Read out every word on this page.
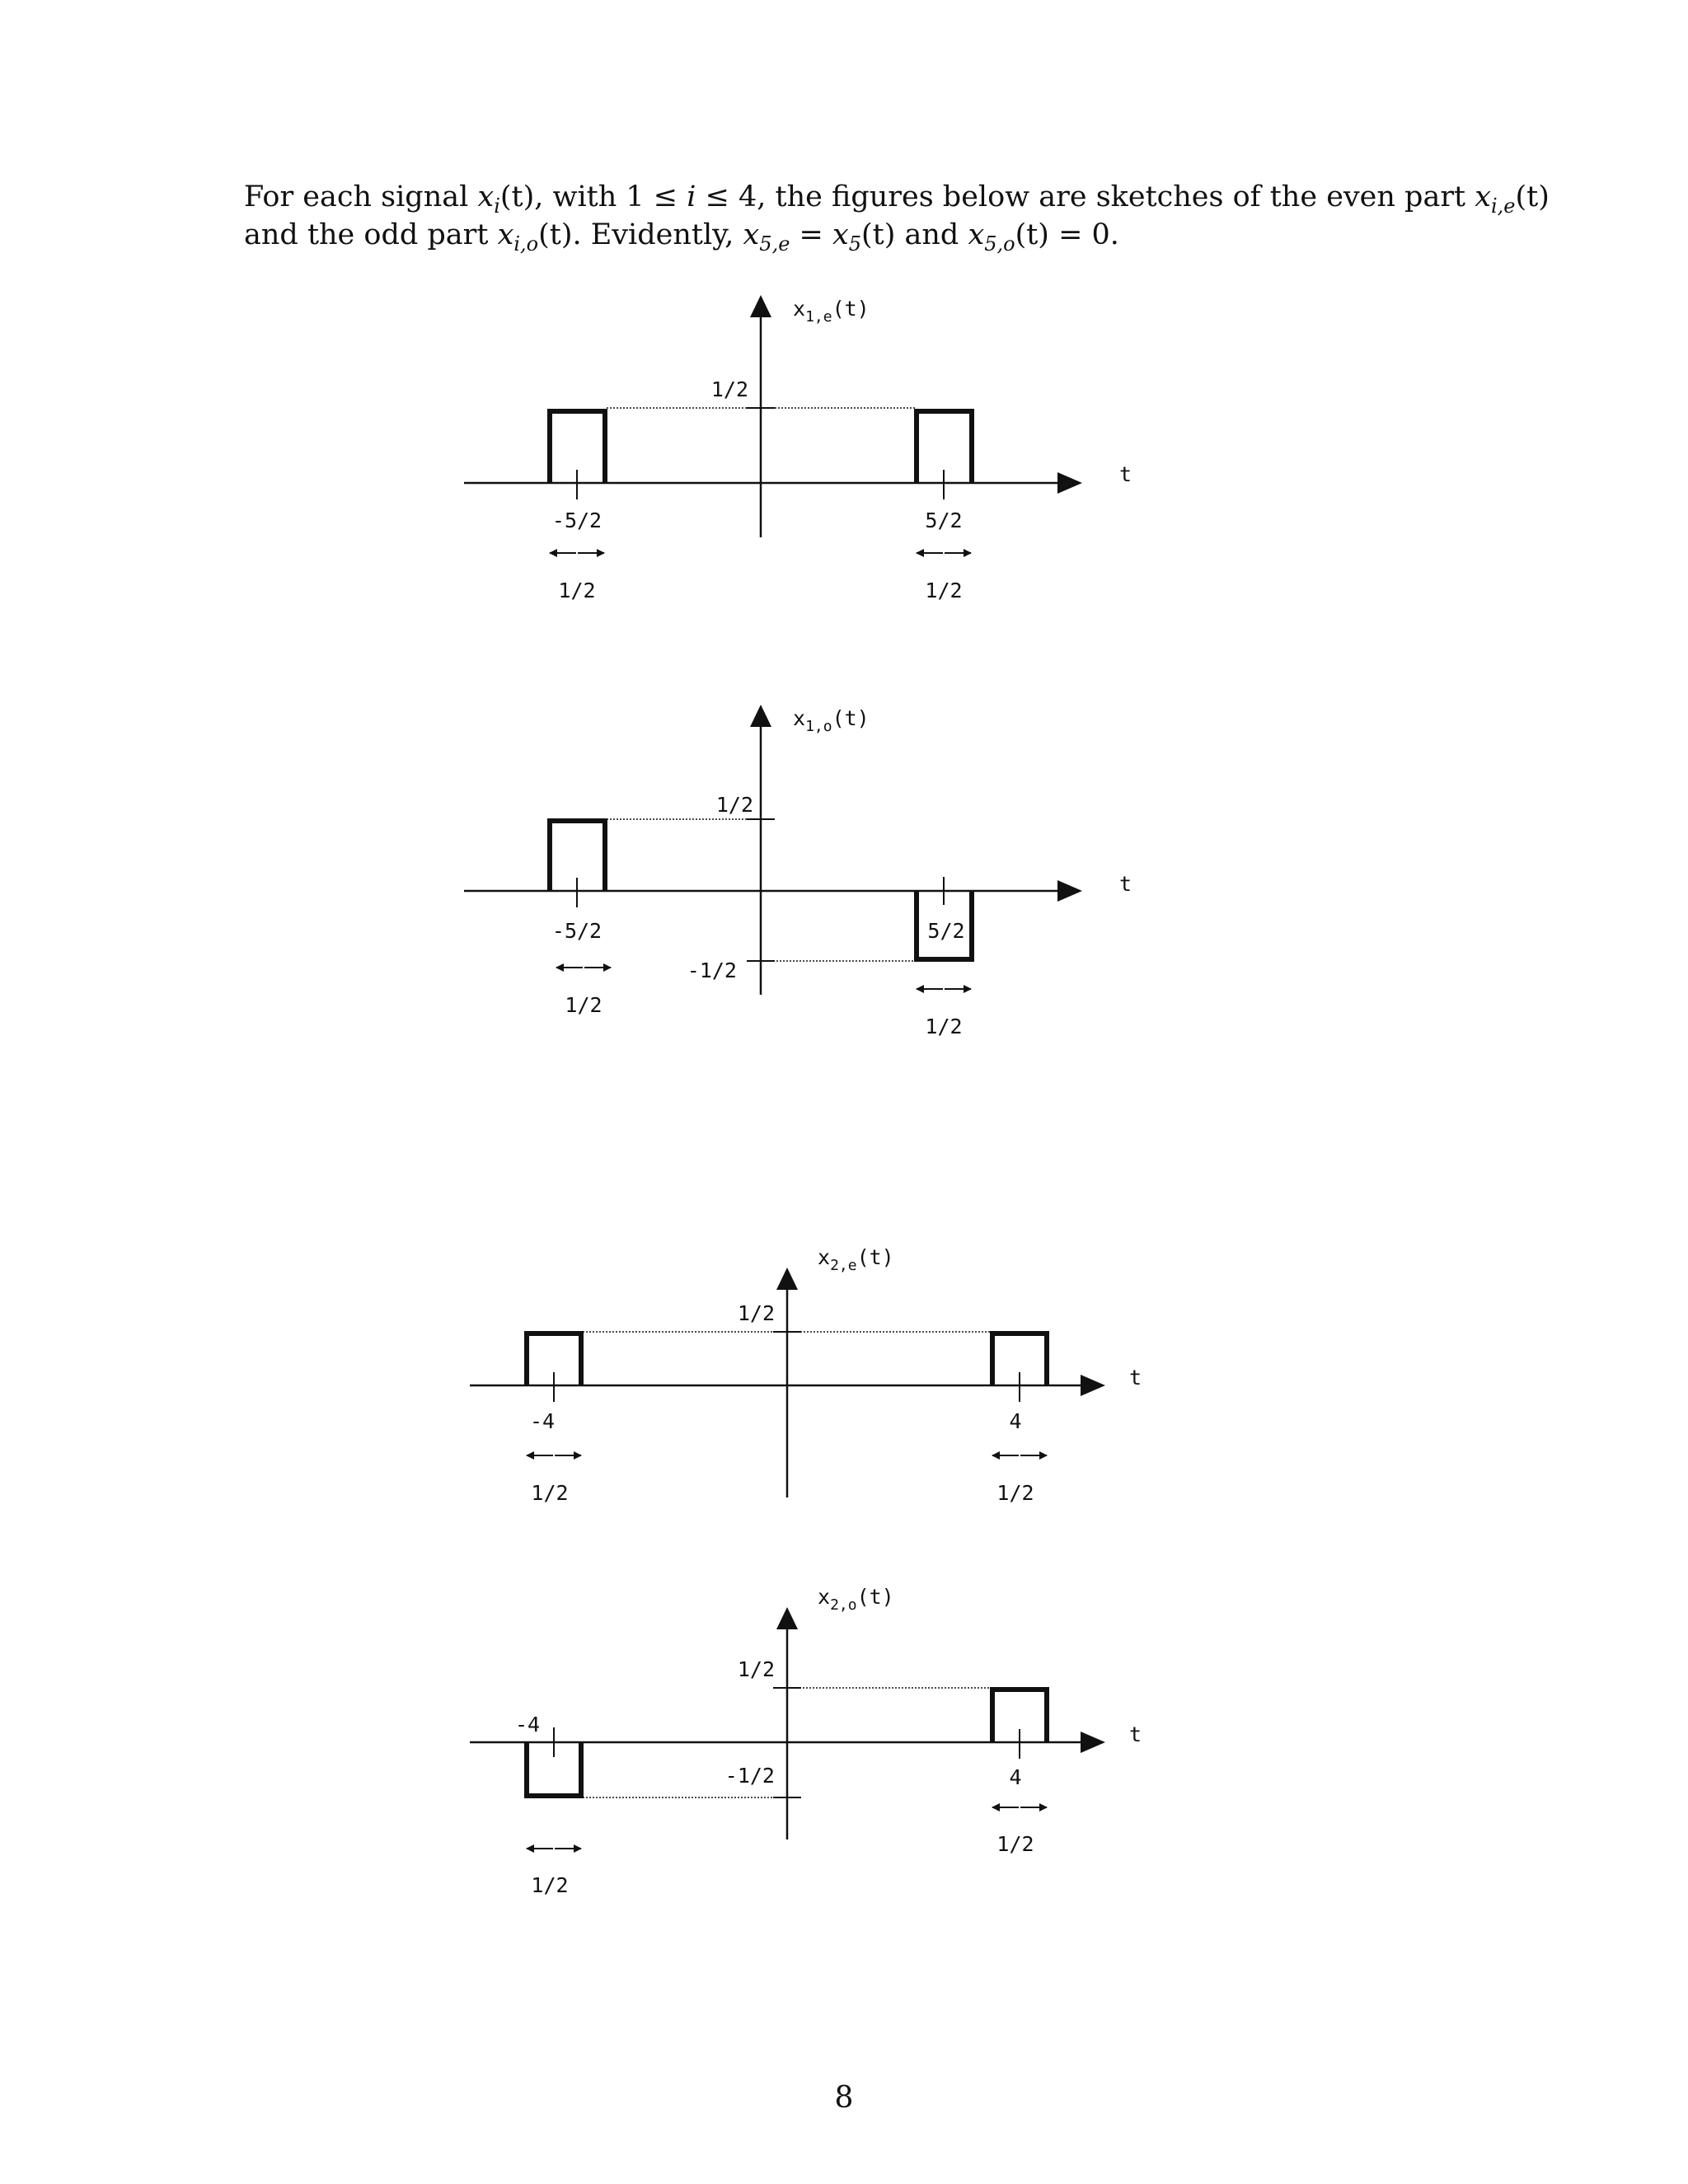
For each signal $x_i(t)$, with 1 ≤ i ≤ 4, the figures below are sketches of the even part $x_{i,e}(t)$
and the odd part $x_{i,o}(t)$. Evidently, $x_{5,e} = x_5(t)$ and $x_{5,o}(t) = 0$.
t
$x_{1,e}(t)$
1/2
-5/2	5/2
1/2	1/2
t
$x_{1,o}(t)$
1/2
-1/2
-5/2	5/2
1/2
1/2
t
$x_{2,e}(t)$
1/2
-4	4
1/2	1/2
t
$x_{2,o}(t)$
1/2
-1/2
-4
4
1/2
1/2
8
